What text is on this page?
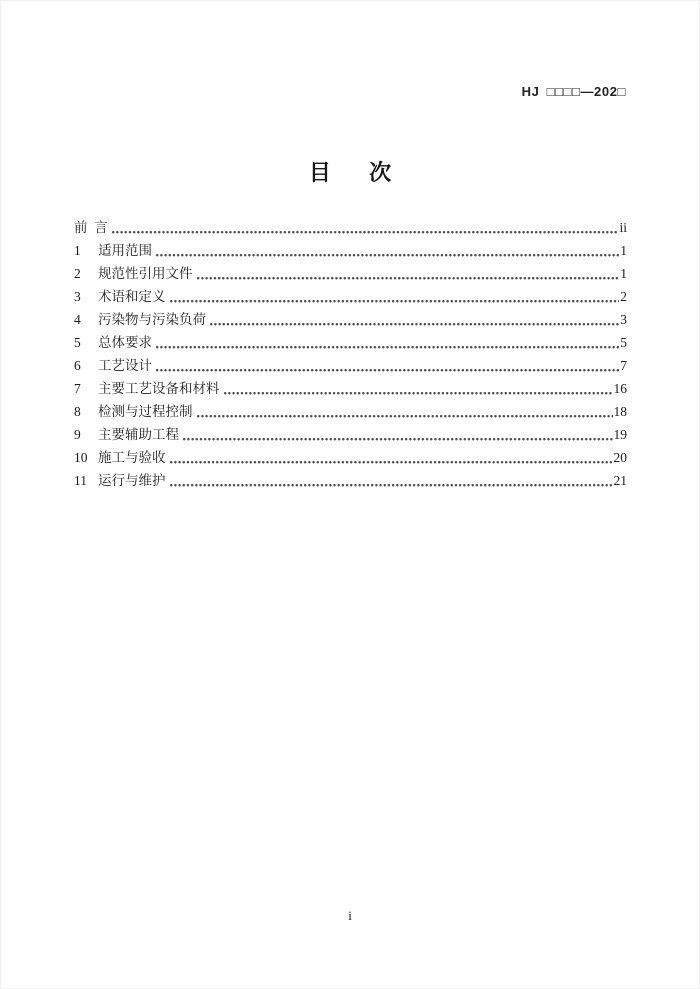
HJ □□□□—202□
目  次
前  言	ii
1	适用范围	1
2	规范性引用文件	1
3	术语和定义	2
4	污染物与污染负荷	3
5	总体要求	5
6	工艺设计	7
7	主要工艺设备和材料	16
8	检测与过程控制	18
9	主要辅助工程	19
10 施工与验收	20
11 运行与维护	21
i
